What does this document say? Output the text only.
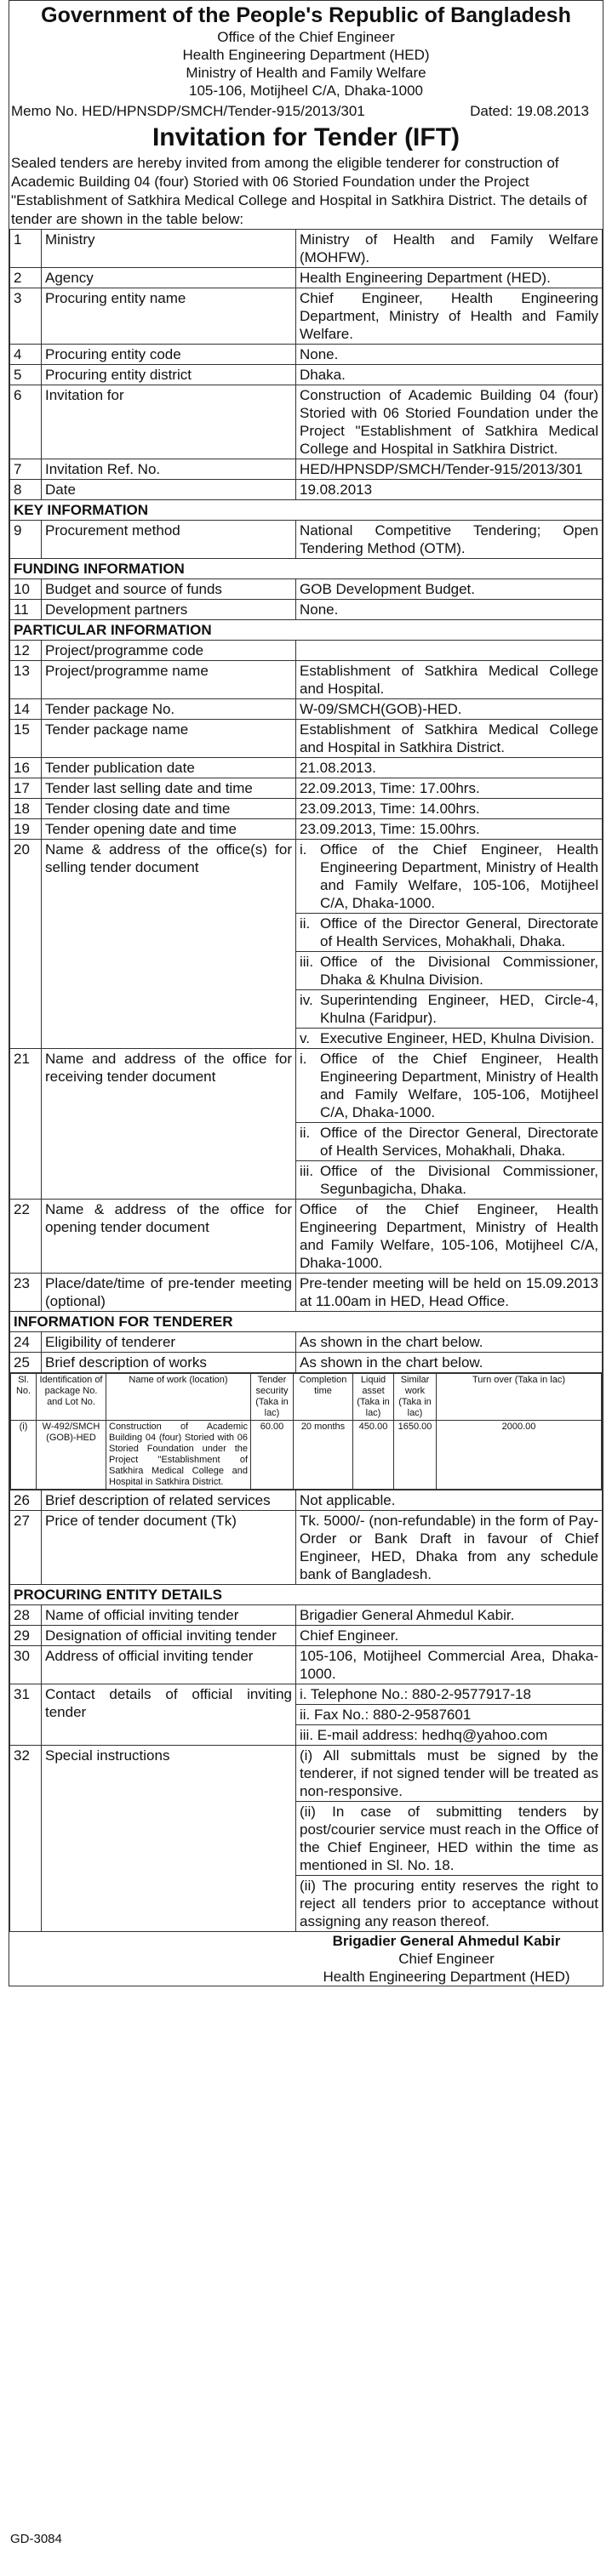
Government of the People's Republic of Bangladesh
Office of the Chief Engineer
Health Engineering Department (HED)
Ministry of Health and Family Welfare
105-106, Motijheel C/A, Dhaka-1000
Memo No. HED/HPNSDP/SMCH/Tender-915/2013/301	Dated: 19.08.2013
Invitation for Tender (IFT)
Sealed tenders are hereby invited from among the eligible tenderer for construction of Academic Building 04 (four) Storied with 06 Storied Foundation under the Project "Establishment of Satkhira Medical College and Hospital in Satkhira District. The details of tender are shown in the table below:
1	Ministry	Ministry of Health and Family Welfare (MOHFW).
2	Agency	Health Engineering Department (HED).
3	Procuring entity name	Chief Engineer, Health Engineering Department, Ministry of Health and Family Welfare.
4	Procuring entity code	None.
5	Procuring entity district	Dhaka.
6	Invitation for	Construction of Academic Building 04 (four) Storied with 06 Storied Foundation under the Project "Establishment of Satkhira Medical College and Hospital in Satkhira District.
7	Invitation Ref. No.	HED/HPNSDP/SMCH/Tender-915/2013/301
8	Date	19.08.2013
KEY INFORMATION
9	Procurement method	National Competitive Tendering; Open Tendering Method (OTM).
FUNDING INFORMATION
10	Budget and source of funds	GOB Development Budget.
11	Development partners	None.
PARTICULAR INFORMATION
12	Project/programme code	
13	Project/programme name	Establishment of Satkhira Medical College and Hospital.
14	Tender package No.	W-09/SMCH(GOB)-HED.
15	Tender package name	Establishment of Satkhira Medical College and Hospital in Satkhira District.
16	Tender publication date	21.08.2013.
17	Tender last selling date and time	22.09.2013, Time: 17.00hrs.
18	Tender closing date and time	23.09.2013, Time: 14.00hrs.
19	Tender opening date and time	23.09.2013, Time: 15.00hrs.
20	Name & address of the office(s) for selling tender document	
i. Office of the Chief Engineer, Health Engineering Department, Ministry of Health and Family Welfare, 105-106, Motijheel C/A, Dhaka-1000.

ii. Office of the Director General, Directorate of Health Services, Mohakhali, Dhaka.

iii. Office of the Divisional Commissioner, Dhaka & Khulna Division.

iv. Superintending Engineer, HED, Circle-4, Khulna (Faridpur).

v. Executive Engineer, HED, Khulna Division.

21	Name and address of the office for receiving tender document	
i. Office of the Chief Engineer, Health Engineering Department, Ministry of Health and Family Welfare, 105-106, Motijheel C/A, Dhaka-1000.

ii. Office of the Director General, Directorate of Health Services, Mohakhali, Dhaka.

iii. Office of the Divisional Commissioner, Segunbagicha, Dhaka.

22	Name & address of the office for opening tender document	Office of the Chief Engineer, Health Engineering Department, Ministry of Health and Family Welfare, 105-106, Motijheel C/A, Dhaka-1000.
23	Place/date/time of pre-tender meeting (optional)	Pre-tender meeting will be held on 15.09.2013 at 11.00am in HED, Head Office.
INFORMATION FOR TENDERER
24	Eligibility of tenderer	As shown in the chart below.
25	Brief description of works	As shown in the chart below.

Sl. No.	Identification of package No. and Lot No.	Name of work (location)	Tender security (Taka in lac)	Completion time	Liquid asset (Taka in lac)	Similar work (Taka in lac)	Turn over (Taka in lac)
(i)	W-492/SMCH (GOB)-HED	Construction of Academic Building 04 (four) Storied with 06 Storied Foundation under the Project "Establishment of Satkhira Medical College and Hospital in Satkhira District.	60.00	20 months	450.00	1650.00	2000.00

26	Brief description of related services	Not applicable.
27	Price of tender document (Tk)	Tk. 5000/- (non-refundable) in the form of Pay-Order or Bank Draft in favour of Chief Engineer, HED, Dhaka from any schedule bank of Bangladesh.
PROCURING ENTITY DETAILS
28	Name of official inviting tender	Brigadier General Ahmedul Kabir.
29	Designation of official inviting tender	Chief Engineer.
30	Address of official inviting tender	105-106, Motijheel Commercial Area, Dhaka-1000.
31	Contact details of official inviting tender	
i. Telephone No.: 880-2-9577917-18
ii. Fax No.: 880-2-9587601
iii. E-mail address: hedhq@yahoo.com

32	Special instructions		(i) All submittals must be signed by the tenderer, if not signed tender will be treated as non-responsive.
(ii) In case of submitting tenders by post/courier service must reach in the Office of the Chief Engineer, HED within the time as mentioned in Sl. No. 18.
(ii) The procuring entity reserves the right to reject all tenders prior to acceptance without assigning any reason thereof.
Brigadier General Ahmedul Kabir
Chief Engineer
Health Engineering Department (HED)
GD-3084
